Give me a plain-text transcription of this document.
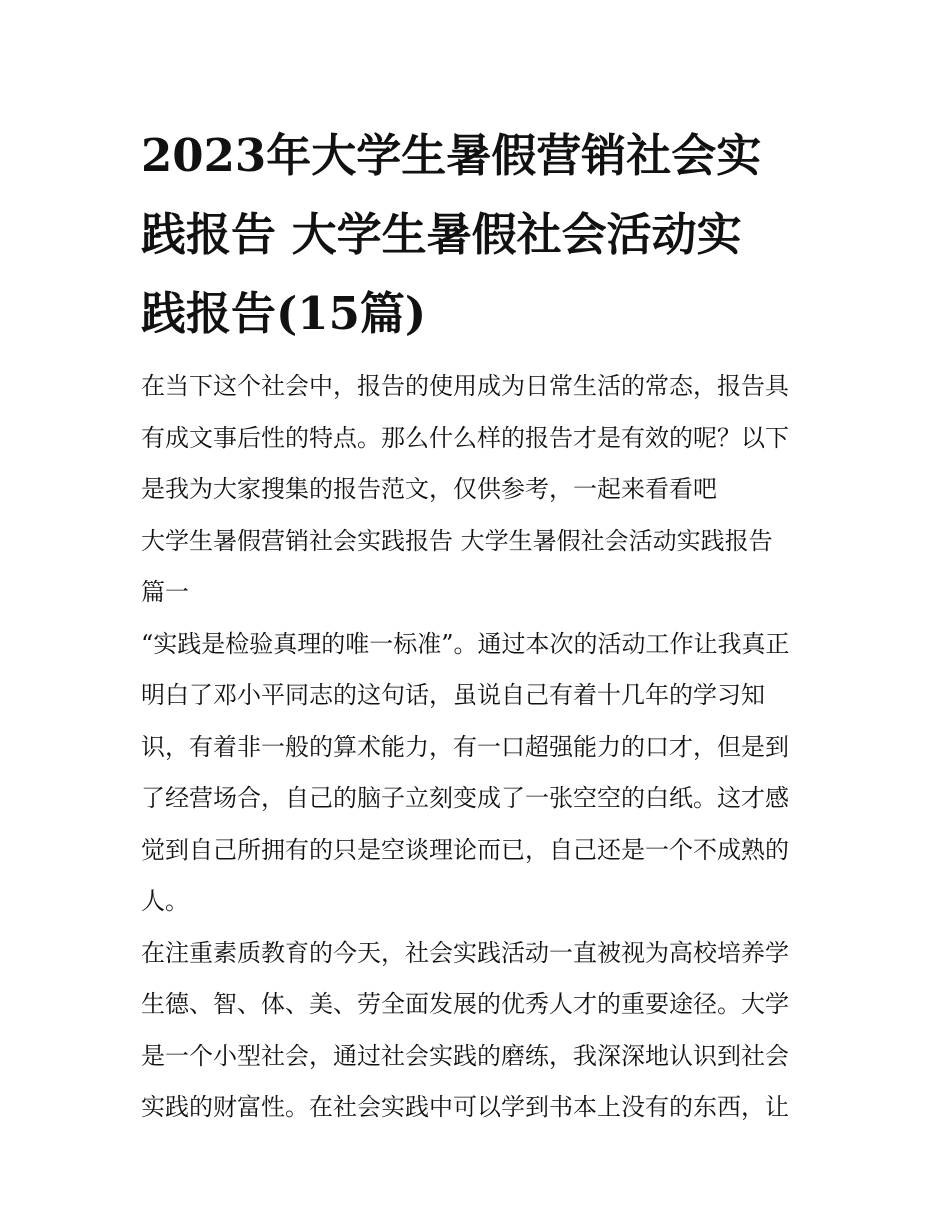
2023年大学生暑假营销社会实
践报告 大学生暑假社会活动实
践报告(15篇)

在当下这个社会中，报告的使用成为日常生活的常态，报告具
有成文事后性的特点。那么什么样的报告才是有效的呢？以下
是我为大家搜集的报告范文，仅供参考，一起来看看吧

大学生暑假营销社会实践报告 大学生暑假社会活动实践报告
篇一

“实践是检验真理的唯一标准”。通过本次的活动工作让我真正
明白了邓小平同志的这句话，虽说自己有着十几年的学习知
识，有着非一般的算术能力，有一口超强能力的口才，但是到
了经营场合，自己的脑子立刻变成了一张空空的白纸。这才感
觉到自己所拥有的只是空谈理论而已，自己还是一个不成熟的
人。

在注重素质教育的今天，社会实践活动一直被视为高校培养学
生德、智、体、美、劳全面发展的优秀人才的重要途径。大学
是一个小型社会，通过社会实践的磨练，我深深地认识到社会
实践的财富性。在社会实践中可以学到书本上没有的东西，让
